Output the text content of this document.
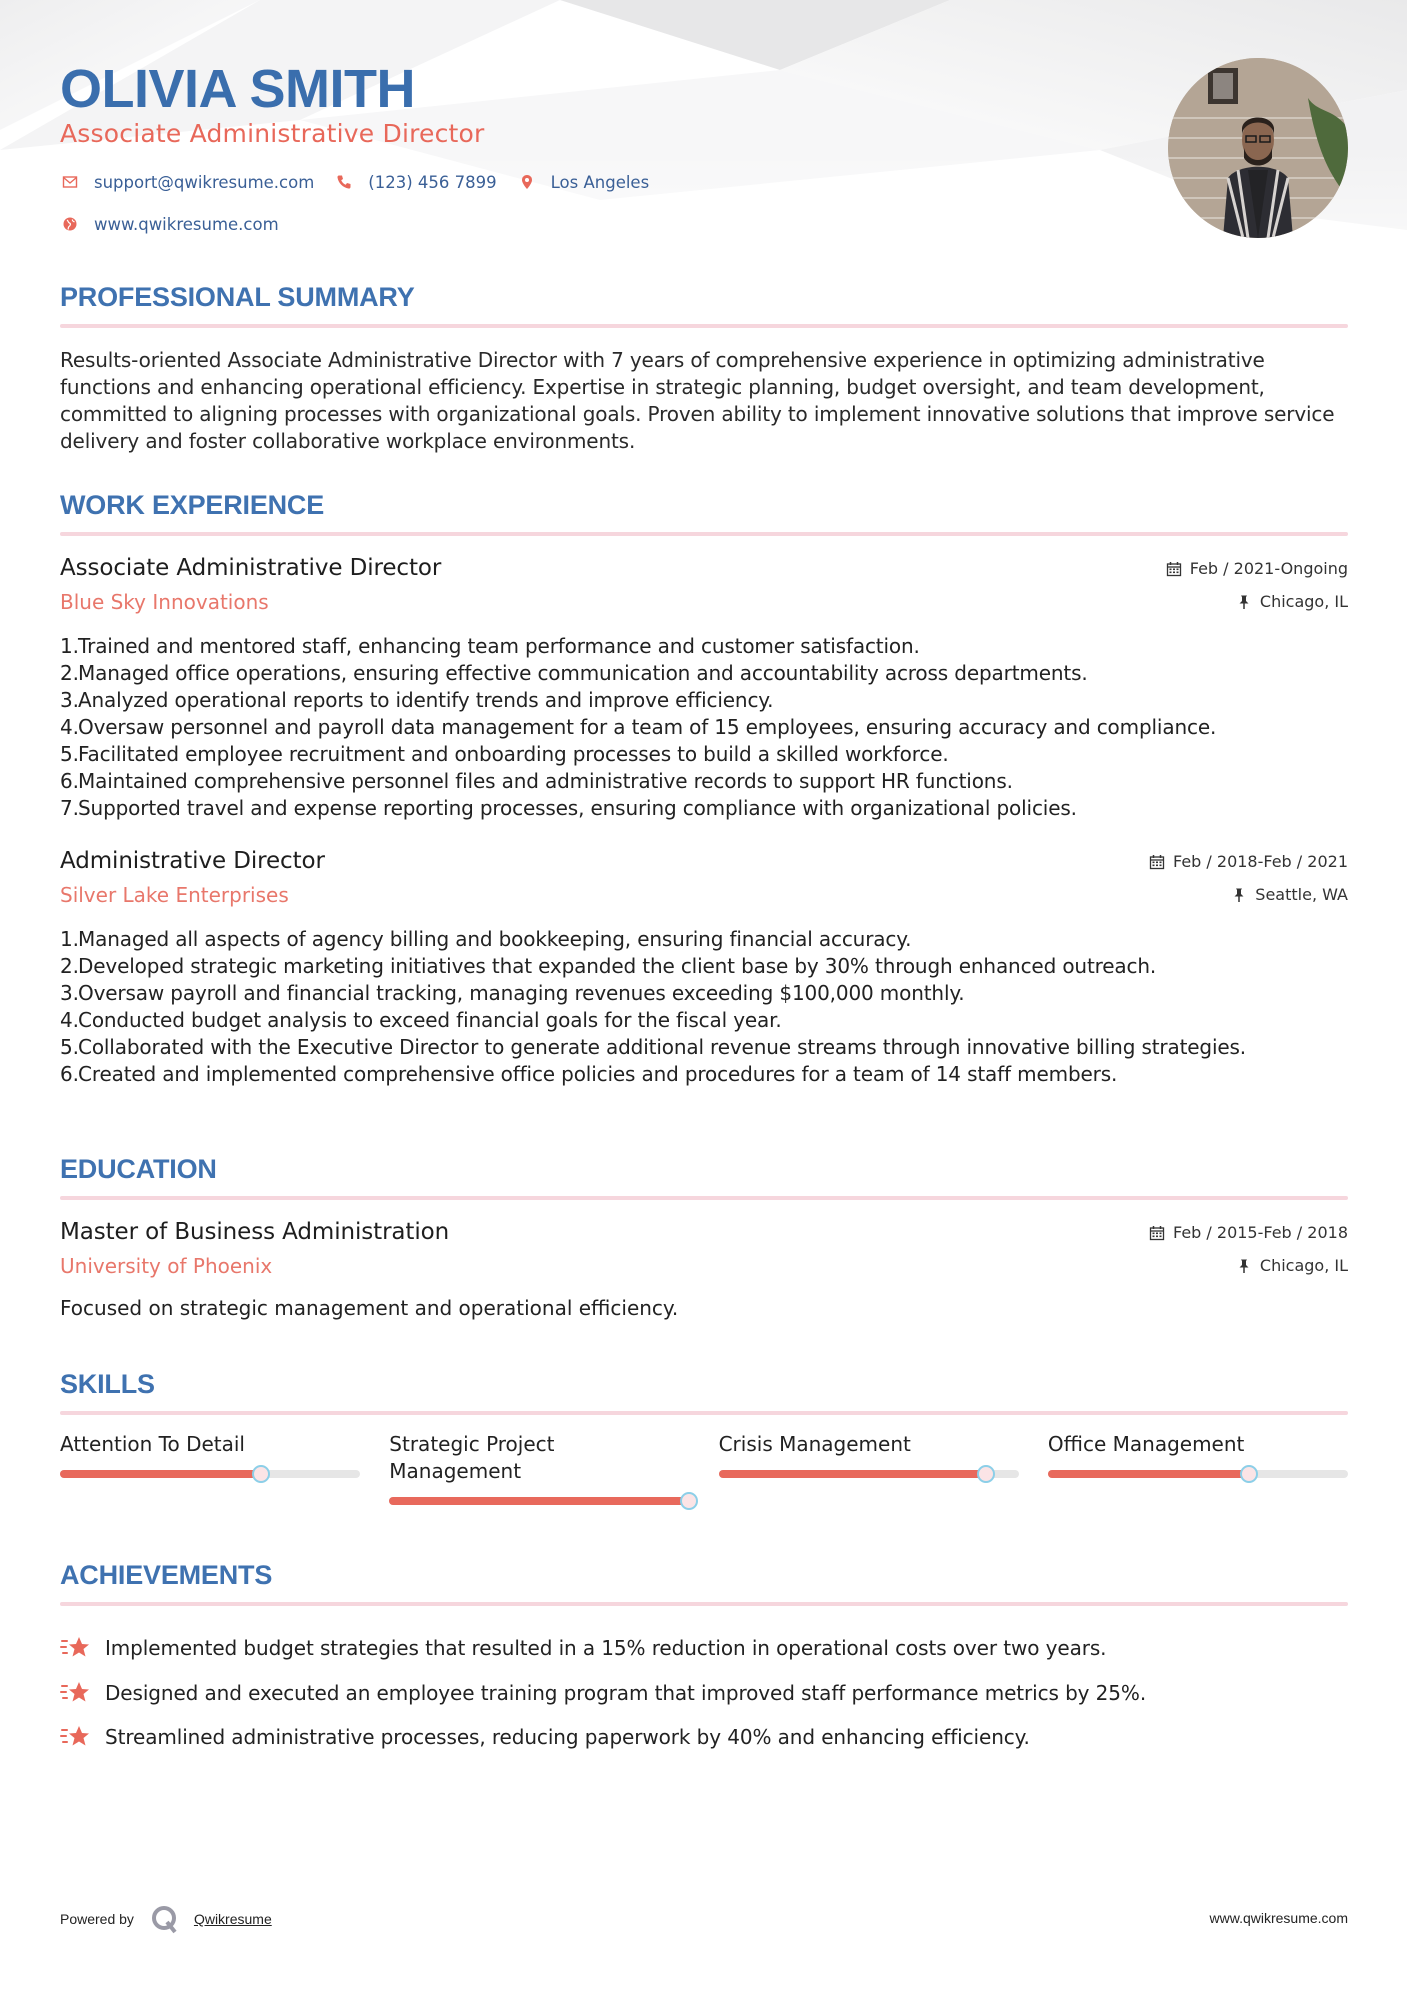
OLIVIA SMITH
Associate Administrative Director
support@qwikresume.com	(123) 456 7899	Los Angeles
www.qwikresume.com
PROFESSIONAL SUMMARY
Results-oriented Associate Administrative Director with 7 years of comprehensive experience in optimizing administrative functions and enhancing operational efficiency. Expertise in strategic planning, budget oversight, and team development, committed to aligning processes with organizational goals. Proven ability to implement innovative solutions that improve service delivery and foster collaborative workplace environments.
WORK EXPERIENCE
Associate Administrative Director
Blue Sky Innovations
Feb / 2021-Ongoing
Chicago, IL
1.Trained and mentored staff, enhancing team performance and customer satisfaction.
2.Managed office operations, ensuring effective communication and accountability across departments.
3.Analyzed operational reports to identify trends and improve efficiency.
4.Oversaw personnel and payroll data management for a team of 15 employees, ensuring accuracy and compliance.
5.Facilitated employee recruitment and onboarding processes to build a skilled workforce.
6.Maintained comprehensive personnel files and administrative records to support HR functions.
7.Supported travel and expense reporting processes, ensuring compliance with organizational policies.
Administrative Director
Silver Lake Enterprises
Feb / 2018-Feb / 2021
Seattle, WA
1.Managed all aspects of agency billing and bookkeeping, ensuring financial accuracy.
2.Developed strategic marketing initiatives that expanded the client base by 30% through enhanced outreach.
3.Oversaw payroll and financial tracking, managing revenues exceeding $100,000 monthly.
4.Conducted budget analysis to exceed financial goals for the fiscal year.
5.Collaborated with the Executive Director to generate additional revenue streams through innovative billing strategies.
6.Created and implemented comprehensive office policies and procedures for a team of 14 staff members.
EDUCATION
Master of Business Administration
University of Phoenix
Feb / 2015-Feb / 2018
Chicago, IL
Focused on strategic management and operational efficiency.
SKILLS
Attention To Detail	Strategic Project Management
Crisis Management	Office Management
ACHIEVEMENTS
Implemented budget strategies that resulted in a 15% reduction in operational costs over two years.
Designed and executed an employee training program that improved staff performance metrics by 25%.
Streamlined administrative processes, reducing paperwork by 40% and enhancing efficiency.
Powered by	Qwikresume	www.qwikresume.com
